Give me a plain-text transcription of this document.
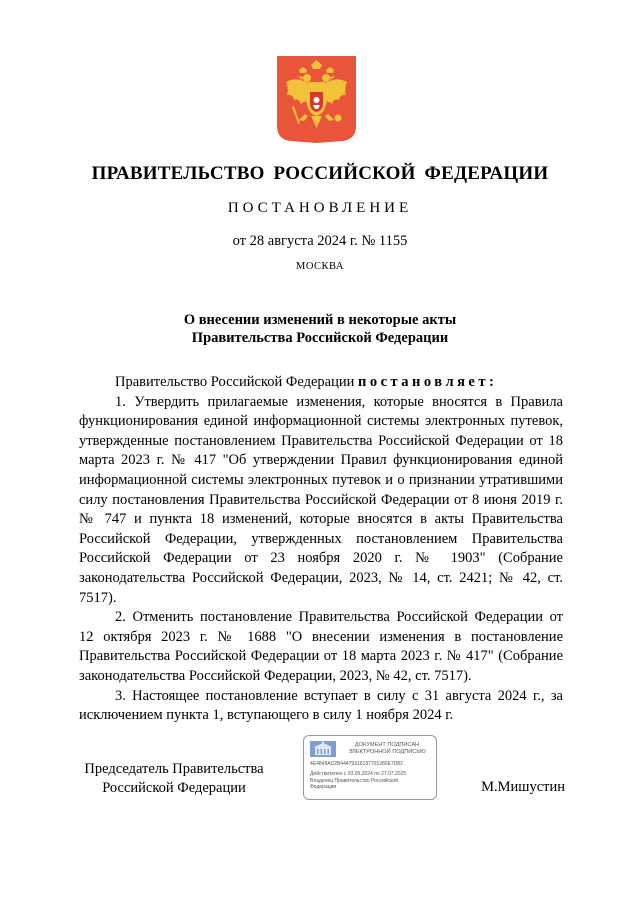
ПРАВИТЕЛЬСТВО РОССИЙСКОЙ ФЕДЕРАЦИИ
ПОСТАНОВЛЕНИЕ
от 28 августа 2024 г. № 1155
МОСКВА
О внесении изменений в некоторые акты
Правительства Российской Федерации

Правительство Российской Федерации постановляет:

1. Утвердить прилагаемые изменения, которые вносятся в Правила функционирования единой информационной системы электронных путевок, утвержденные постановлением Правительства Российской Федерации от 18 марта 2023 г. № 417 "Об утверждении Правил функционирования единой информационной системы электронных путевок и о признании утратившими силу постановления Правительства Российской Федерации от 8 июня 2019 г. № 747 и пункта 18 изменений, которые вносятся в акты Правительства Российской Федерации, утвержденных постановлением Правительства Российской Федерации от 23 ноября 2020 г. № 1903" (Собрание законодательства Российской Федерации, 2023, № 14, ст. 2421; № 42, ст. 7517).

2. Отменить постановление Правительства Российской Федерации от 12 октября 2023 г. № 1688 "О внесении изменения в постановление Правительства Российской Федерации от 18 марта 2023 г. № 417" (Собрание законодательства Российской Федерации, 2023, № 42, ст. 7517).

3. Настоящее постановление вступает в силу с 31 августа 2024 г., за исключением пункта 1, вступающего в силу 1 ноября 2024 г.

Председатель Правительства
Российской Федерации
ДОКУМЕНТ ПОДПИСАН
ЭЛЕКТРОННОЙ ПОДПИСЬЮ
4E4848AC2B44479316187701280E7D82
Действителен с 03.05.2024 по 27.07.2025
Владелец Правительство Российской
Федерации	М.Мишустин
